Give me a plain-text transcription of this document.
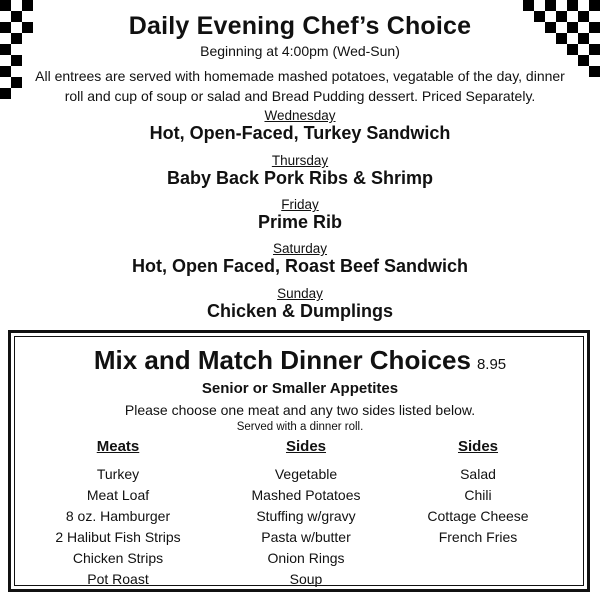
Daily Evening Chef’s Choice
Beginning at 4:00pm (Wed-Sun)
All entrees are served with homemade mashed potatoes, vegatable of the day, dinner roll and cup of soup or salad and Bread Pudding dessert. Priced Separately.
Wednesday
Hot, Open-Faced, Turkey Sandwich
Thursday
Baby Back Pork Ribs & Shrimp
Friday
Prime Rib
Saturday
Hot, Open Faced, Roast Beef Sandwich
Sunday
Chicken & Dumplings
Mix and Match Dinner Choices 8.95
Senior or Smaller Appetites
Please choose one meat and any two sides listed below.
Served with a dinner roll.
Meats
Turkey
Meat Loaf
8 oz. Hamburger
2 Halibut Fish Strips
Chicken Strips
Pot Roast
Sides
Vegetable
Mashed Potatoes
Stuffing w/gravy
Pasta w/butter
Onion Rings
Soup
Sides
Salad
Chili
Cottage Cheese
French Fries
